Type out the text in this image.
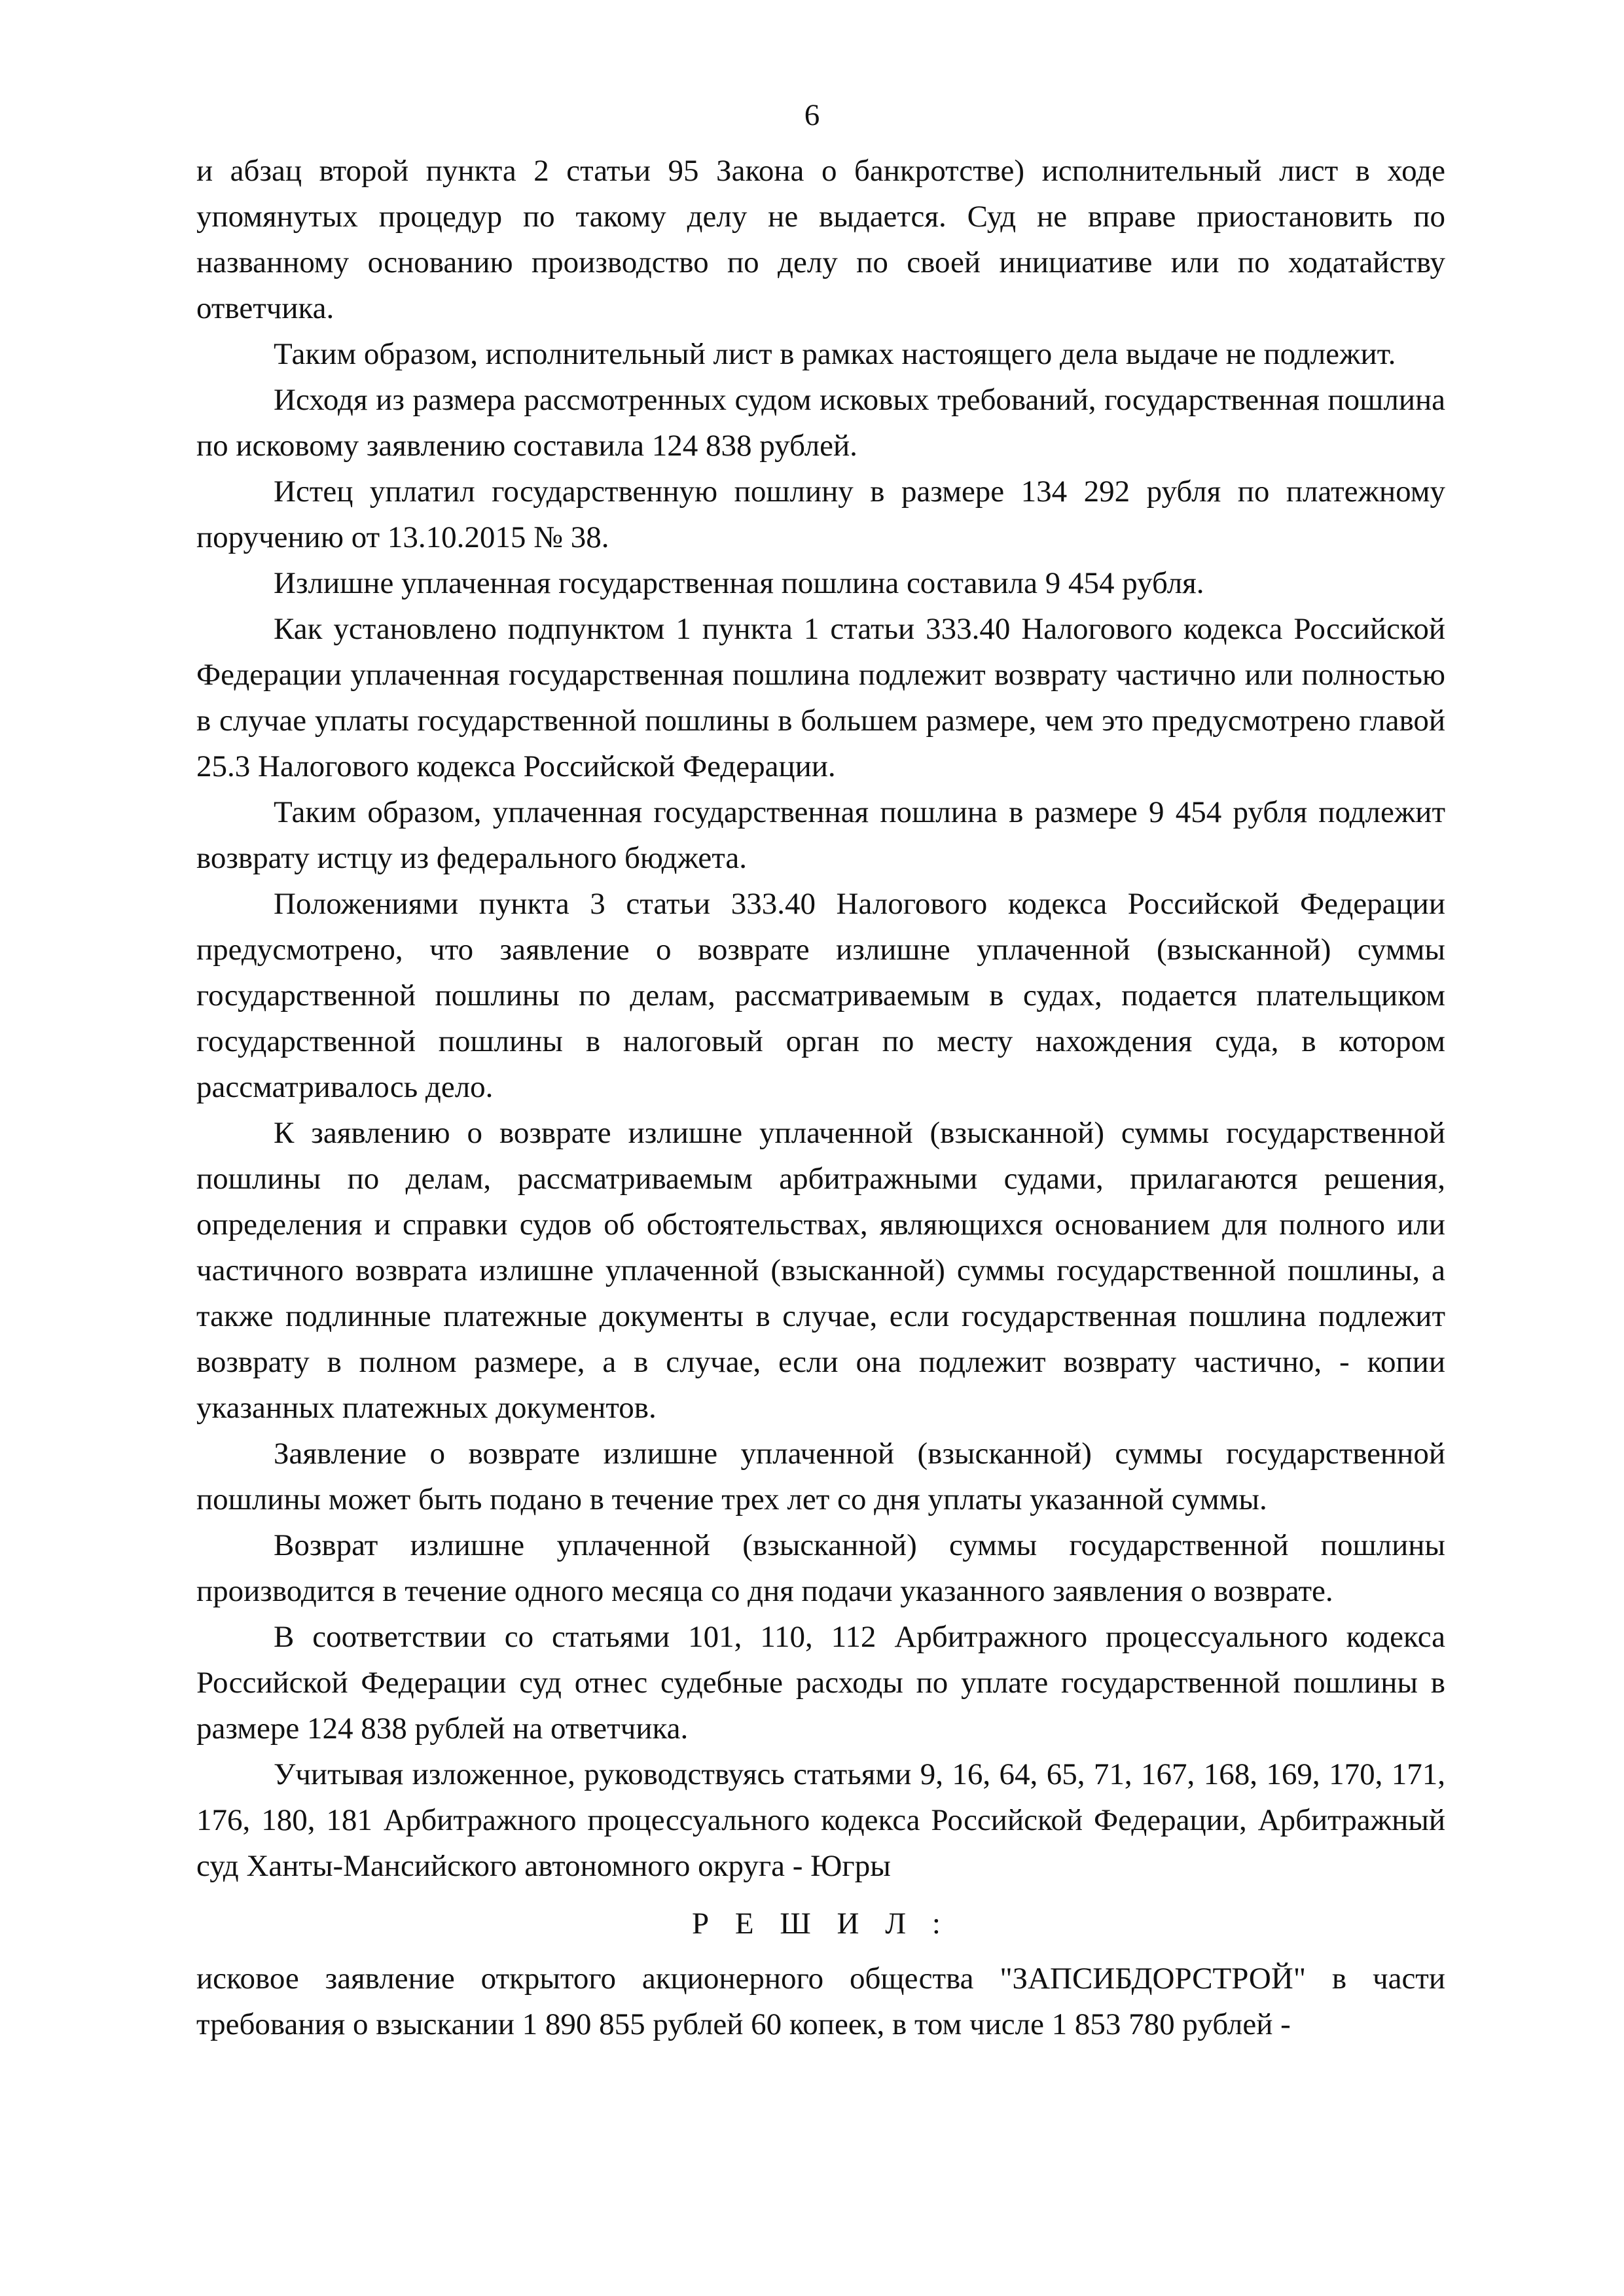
6

и абзац второй пункта 2 статьи 95 Закона о банкротстве) исполнительный лист в ходе упомянутых процедур по такому делу не выдается. Суд не вправе приостановить по названному основанию производство по делу по своей инициативе или по ходатайству ответчика.

Таким образом, исполнительный лист в рамках настоящего дела выдаче не подлежит.

Исходя из размера рассмотренных судом исковых требований, государственная пошлина по исковому заявлению составила 124 838 рублей.

Истец уплатил государственную пошлину в размере 134 292 рубля по платежному поручению от 13.10.2015 № 38.

Излишне уплаченная государственная пошлина составила 9 454 рубля.

Как установлено подпунктом 1 пункта 1 статьи 333.40 Налогового кодекса Российской Федерации уплаченная государственная пошлина подлежит возврату частично или полностью в случае уплаты государственной пошлины в большем размере, чем это предусмотрено главой 25.3 Налогового кодекса Российской Федерации.

Таким образом, уплаченная государственная пошлина в размере 9 454 рубля подлежит возврату истцу из федерального бюджета.

Положениями пункта 3 статьи 333.40 Налогового кодекса Российской Федерации предусмотрено, что заявление о возврате излишне уплаченной (взысканной) суммы государственной пошлины по делам, рассматриваемым в судах, подается плательщиком государственной пошлины в налоговый орган по месту нахождения суда, в котором рассматривалось дело.

К заявлению о возврате излишне уплаченной (взысканной) суммы государственной пошлины по делам, рассматриваемым арбитражными судами, прилагаются решения, определения и справки судов об обстоятельствах, являющихся основанием для полного или частичного возврата излишне уплаченной (взысканной) суммы государственной пошлины, а также подлинные платежные документы в случае, если государственная пошлина подлежит возврату в полном размере, а в случае, если она подлежит возврату частично, - копии указанных платежных документов.

Заявление о возврате излишне уплаченной (взысканной) суммы государственной пошлины может быть подано в течение трех лет со дня уплаты указанной суммы.

Возврат излишне уплаченной (взысканной) суммы государственной пошлины производится в течение одного месяца со дня подачи указанного заявления о возврате.

В соответствии со статьями 101, 110, 112 Арбитражного процессуального кодекса Российской Федерации суд отнес судебные расходы по уплате государственной пошлины в размере 124 838 рублей на ответчика.

Учитывая изложенное, руководствуясь статьями 9, 16, 64, 65, 71, 167, 168, 169, 170, 171, 176, 180, 181 Арбитражного процессуального кодекса Российской Федерации, Арбитражный суд Ханты-Мансийского автономного округа - Югры

Р Е Ш И Л :

исковое заявление открытого акционерного общества "ЗАПСИБДОРСТРОЙ" в части требования о взыскании 1 890 855 рублей 60 копеек, в том числе 1 853 780 рублей -
